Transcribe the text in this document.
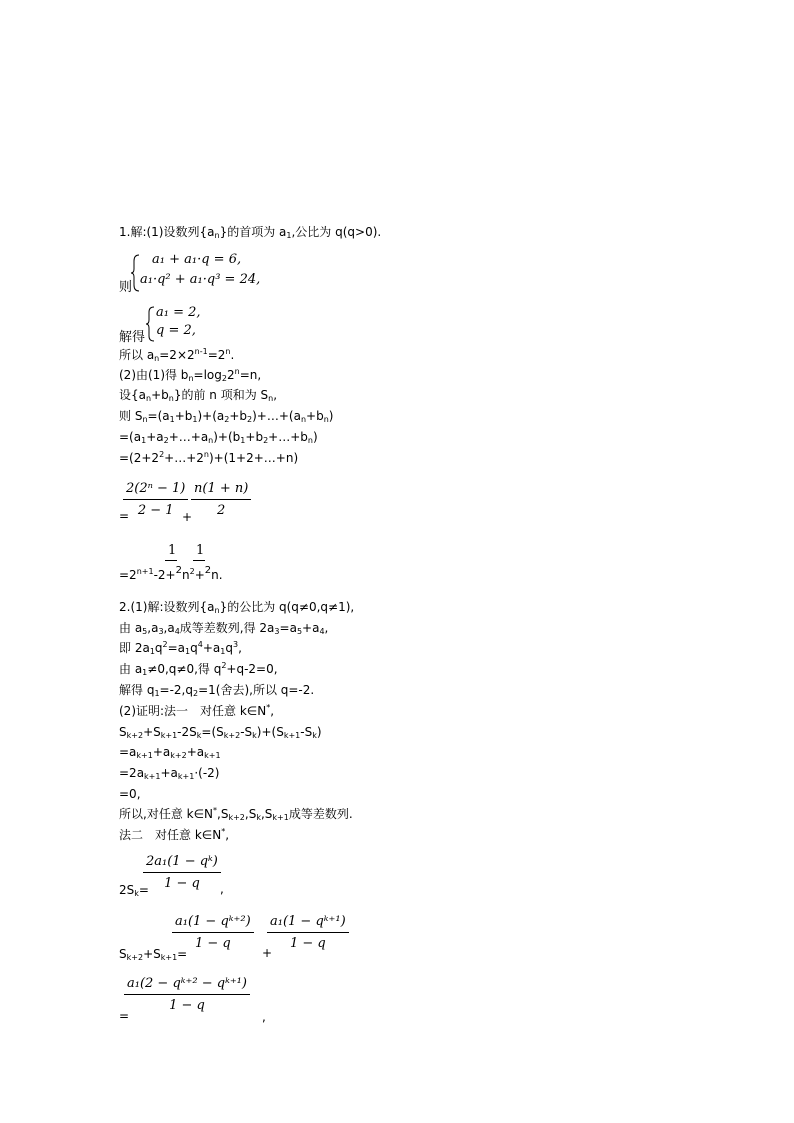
1.解:(1)设数列$\{a_n\}$的首项为 $a_1$,公比为 q(q>0).
则
a₁ + a₁·q = 6,
a₁·q² + a₁·q³ = 24,
解得
a₁ = 2,
q = 2,
所以 $a_n=2\times 2^{n-1}=2^n$.
(2)由(1)得 $b_n=\log_22^n=n$,
设$\{a_n+b_n\}$的前 n 项和为 $S_n$,
则 $S_n=(a_1+b_1)+(a_2+b_2)+\dots+(a_n+b_n)$
$=(a_1+a_2+\dots+a_n)+(b_1+b_2+\dots+b_n)$
$=(2+2^2+\dots+2^n)+(1+2+\dots+n)$
=
$\frac{\text{2(2ⁿ − 1)}}{2 - 1}$
+
$\frac{n(1 + n)}{2}$
1 1
$=2^{n+1}-2+^2n^2+^2n$.
2.(1)解:设数列$\{a_n\}$的公比为 q(q≠0,q≠1),
由 $a_5,a_3,a_4$成等差数列,得 $2a_3=a_5+a_4$,
即 $2a_1q^2=a_1q^4+a_1q^3$,
由 $a_1\ne 0,q\ne 0$,得 $q^2+q-2=0$,
解得 $q_1=-2,q_2=1$(舍去),所以 q=-2.
(2)证明:法一　对任意 k∈N*,
$S_{k+2}+S_{k+1}-2S_k=(S_{k+2}-S_k)+(S_{k+1}-S_k)$
$=a_{k+1}+a_{k+2}+a_{k+1}$
$=2a_{k+1}+a_{k+1}\cdot(-2)$
=0,
所以,对任意 $k\in N^*,S_{k+2},S_k,S_{k+1}$成等差数列.
法二　对任意 k∈N*,
$2S_k=$
$\frac{\text{2a₁(1 − qᵏ)}}{1 - q}$ ,
$S_{k+2}+S_{k+1}=$
$\frac{\text{a₁(1 − qᵏ⁺²)}}{1 - q}$
+
$\frac{\text{a₁(1 − qᵏ⁺¹)}}{1 - q}$
=
$\frac{\text{a₁(2 − qᵏ⁺² − qᵏ⁺¹)}}{1 - q}$
,
